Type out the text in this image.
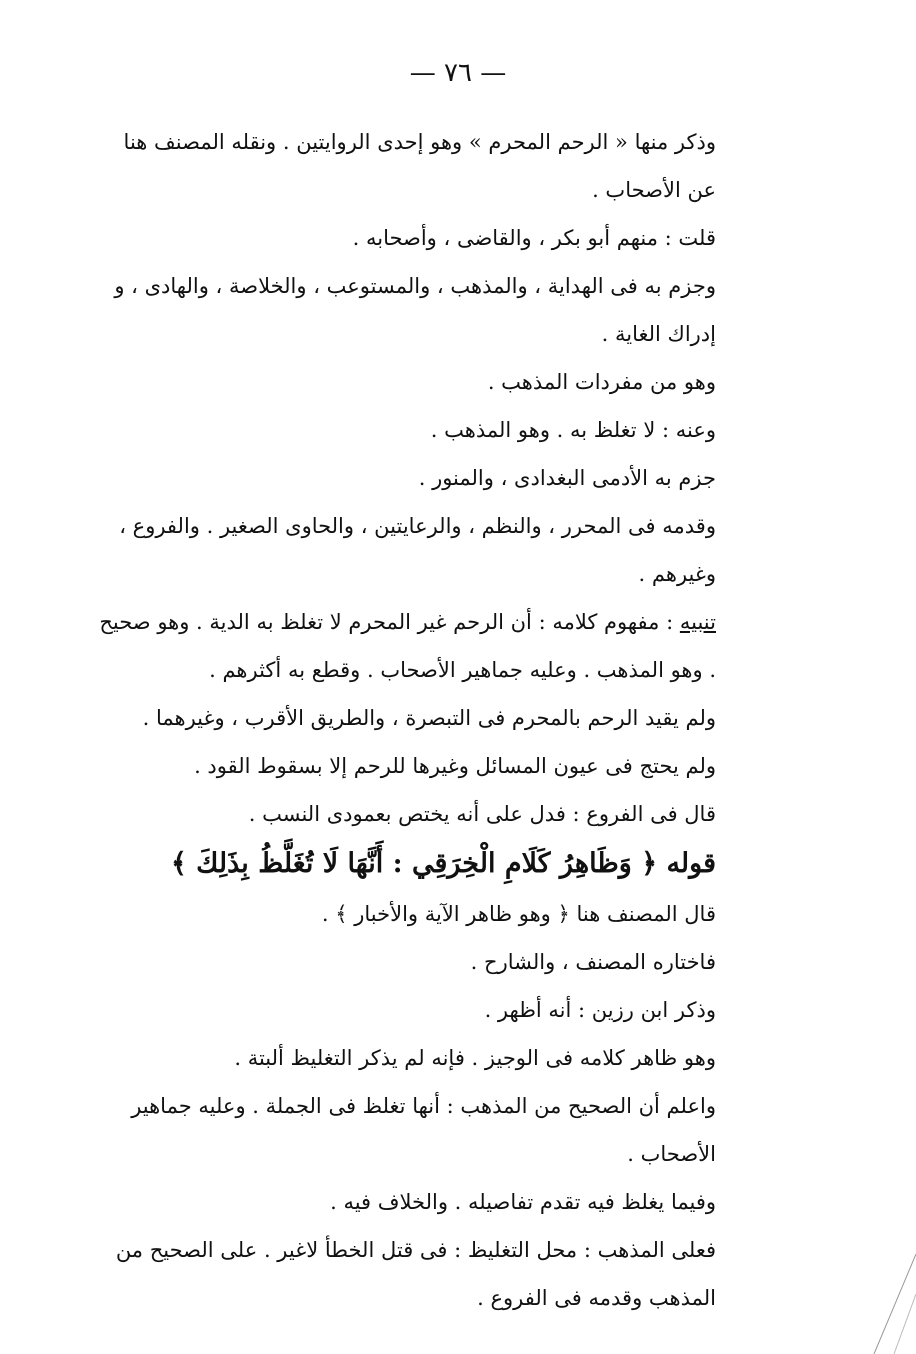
— ٧٦ —

وذكر منها « الرحم المحرم » وهو إحدى الروايتين . ونقله المصنف هنا عن الأصحاب .

قلت : منهم أبو بكر ، والقاضى ، وأصحابه .

وجزم به فى الهداية ، والمذهب ، والمستوعب ، والخلاصة ، والهادى ، و إدراك الغاية .

وهو من مفردات المذهب .

وعنه : لا تغلظ به . وهو المذهب .

جزم به الأدمى البغدادى ، والمنور .

وقدمه فى المحرر ، والنظم ، والرعايتين ، والحاوى الصغير . والفروع ، وغيرهم .

تنبيه : مفهوم كلامه : أن الرحم غير المحرم لا تغلظ به الدية . وهو صحيح . وهو المذهب . وعليه جماهير الأصحاب . وقطع به أكثرهم .

ولم يقيد الرحم بالمحرم فى التبصرة ، والطريق الأقرب ، وغيرهما .

ولم يحتج فى عيون المسائل وغيرها للرحم إلا بسقوط القود .

قال فى الفروع : فدل على أنه يختص بعمودى النسب .

قوله ﴿ وَظَاهِرُ كَلَامِ الْخِرَقِي : أَنَّهَا لَا تُغَلَّظُ بِذَلِكَ ﴾

قال المصنف هنا ﴿ وهو ظاهر الآية والأخبار ﴾ .

فاختاره المصنف ، والشارح .

وذكر ابن رزين : أنه أظهر .

وهو ظاهر كلامه فى الوجيز . فإنه لم يذكر التغليظ ألبتة .

واعلم أن الصحيح من المذهب : أنها تغلظ فى الجملة . وعليه جماهير الأصحاب .

وفيما يغلظ فيه تقدم تفاصيله . والخلاف فيه .

فعلى المذهب : محل التغليظ : فى قتل الخطأ لاغير . على الصحيح من المذهب وقدمه فى الفروع .
